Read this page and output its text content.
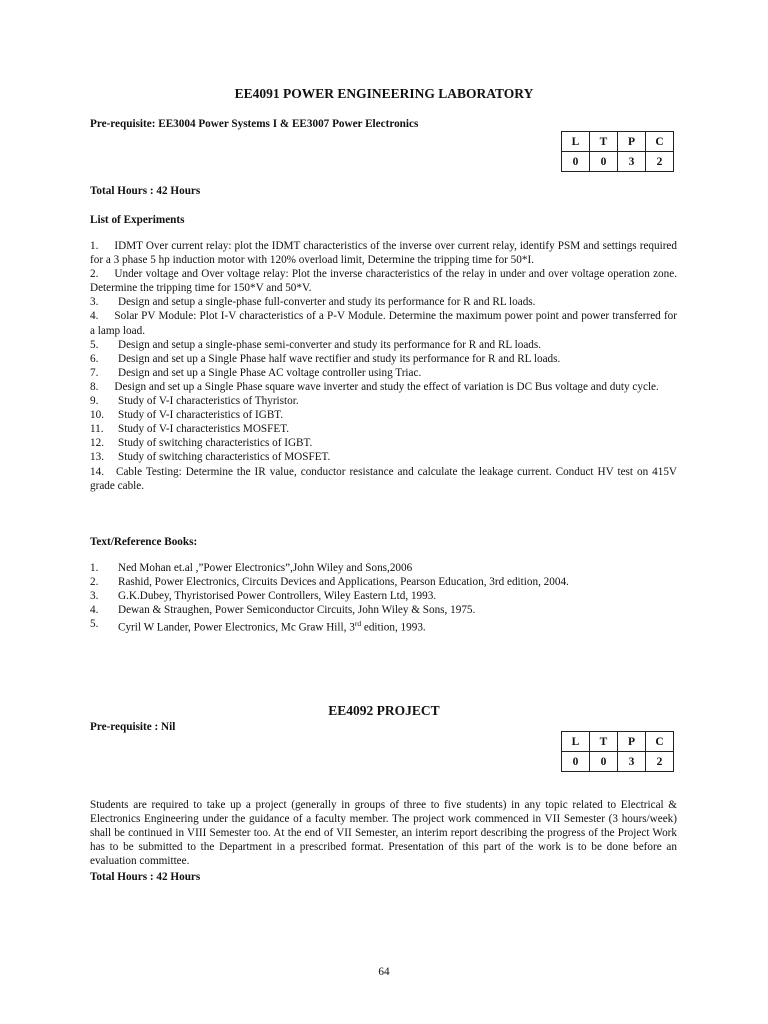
EE4091 POWER ENGINEERING LABORATORY
Pre-requisite: EE3004 Power Systems I & EE3007 Power Electronics
L	T	P	C
0	0	3	2
Total Hours : 42 Hours
List of Experiments
1. IDMT Over current relay: plot the IDMT characteristics of the inverse over current relay, identify PSM and settings required for a 3 phase 5 hp induction motor with 120% overload limit, Determine the tripping time for 50*I.
2. Under voltage and Over voltage relay: Plot the inverse characteristics of the relay in under and over voltage operation zone. Determine the tripping time for 150*V and 50*V.
3.	Design and setup a single-phase full-converter and study its performance for R and RL loads.
4. Solar PV Module: Plot I-V characteristics of a P-V Module. Determine the maximum power point and power transferred for a lamp load.
5.	Design and setup a single-phase semi-converter and study its performance for R and RL loads.
6.	Design and set up a Single Phase half wave rectifier and study its performance for R and RL loads.
7.	Design and set up a Single Phase AC voltage controller using Triac.
8. Design and set up a Single Phase square wave inverter and study the effect of variation is DC Bus voltage and duty cycle.
9.	Study of V-I characteristics of Thyristor.
10.	Study of V-I characteristics of IGBT.
11.	Study of V-I characteristics MOSFET.
12.	Study of switching characteristics of IGBT.
13.	Study of switching characteristics of MOSFET.
14. Cable Testing: Determine the IR value, conductor resistance and calculate the leakage current. Conduct HV test on 415V grade cable.
Text/Reference Books:
1.	Ned Mohan et.al ,”Power Electronics”,John Wiley and Sons,2006
2.	Rashid, Power Electronics, Circuits Devices and Applications, Pearson Education, 3rd edition, 2004.
3.	G.K.Dubey, Thyristorised Power Controllers, Wiley Eastern Ltd, 1993.
4.	Dewan & Straughen, Power Semiconductor Circuits, John Wiley & Sons, 1975.
5.	Cyril W Lander, Power Electronics, Mc Graw Hill, 3rd edition, 1993.
EE4092 PROJECT
Pre-requisite : Nil
L	T	P	C
0	0	3	2
Students are required to take up a project (generally in groups of three to five students) in any topic related to Electrical & Electronics Engineering under the guidance of a faculty member. The project work commenced in VII Semester (3 hours/week) shall be continued in VIII Semester too. At the end of VII Semester, an interim report describing the progress of the Project Work has to be submitted to the Department in a prescribed format. Presentation of this part of the work is to be done before an evaluation committee.
Total Hours : 42 Hours
64
